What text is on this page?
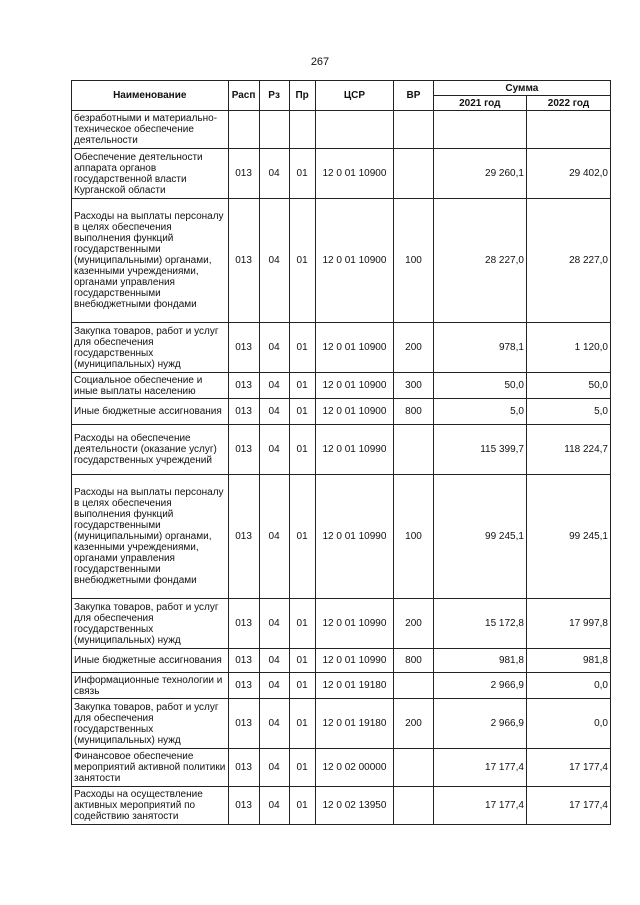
267
Наименование	Расп	Рз	Пр	ЦСР	ВР	Сумма	
						2021 год	2022 год
безработными и материально-техническое обеспечение деятельности							
Обеспечение деятельности аппарата органов государственной власти Курганской области	013	04	01	12 0 01 10900		29 260,1	29 402,0
Расходы на выплаты персоналу в целях обеспечения выполнения функций государственными (муниципальными) органами, казенными учреждениями, органами управления государственными внебюджетными фондами	013	04	01	12 0 01 10900	100	28 227,0	28 227,0
Закупка товаров, работ и услуг для обеспечения государственных (муниципальных) нужд	013	04	01	12 0 01 10900	200	978,1	1 120,0
Социальное обеспечение и иные выплаты населению	013	04	01	12 0 01 10900	300	50,0	50,0
Иные бюджетные ассигнования	013	04	01	12 0 01 10900	800	5,0	5,0
Расходы на обеспечение деятельности (оказание услуг) государственных учреждений	013	04	01	12 0 01 10990		115 399,7	118 224,7
Расходы на выплаты персоналу в целях обеспечения выполнения функций государственными (муниципальными) органами, казенными учреждениями, органами управления государственными внебюджетными фондами	013	04	01	12 0 01 10990	100	99 245,1	99 245,1
Закупка товаров, работ и услуг для обеспечения государственных (муниципальных) нужд	013	04	01	12 0 01 10990	200	15 172,8	17 997,8
Иные бюджетные ассигнования	013	04	01	12 0 01 10990	800	981,8	981,8
Информационные технологии и связь	013	04	01	12 0 01 19180		2 966,9	0,0
Закупка товаров, работ и услуг для обеспечения государственных (муниципальных) нужд	013	04	01	12 0 01 19180	200	2 966,9	0,0
Финансовое обеспечение мероприятий активной политики занятости	013	04	01	12 0 02 00000		17 177,4	17 177,4
Расходы на осуществление активных мероприятий по содействию занятости	013	04	01	12 0 02 13950		17 177,4	17 177,4
